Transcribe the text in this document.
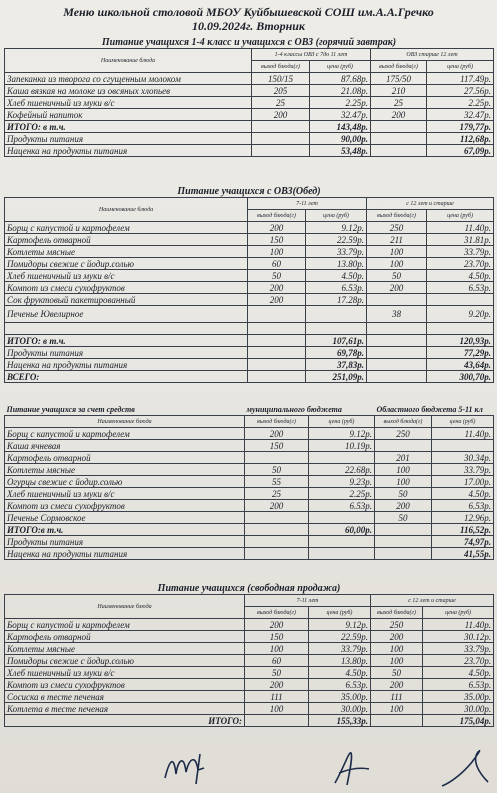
Меню школьной столовой МБОУ Куйбышевской СОШ им.А.А.Гречко
10.09.2024г. Вторник
Питание учащихся 1-4 класс и учащихся с ОВЗ (горячий завтрак)				
Наименование блюда	1-4 классы ОВЗ с 7до 11 лет		ОВЗ старше 12 лет	
	выход блюда(г)	цена (руб)	выход блюда(г)	цена (руб)
Запеканка из творога со сгущенным молоком	150/15	87.68р.	175/50	117.49р.
Каша вязкая на молоке из овсяных хлопьев	205	21.08р.	210	27.56р.
Хлеб пшеничный из муки в/с	25	2.25р.	25	2.25р.
Кофейный напиток	200	32.47р.	200	32.47р.
ИТОГО: в т.ч.		143,48р.		179,77р.
Продукты питания		90,00р.		112,68р.
Наценка на продукты питания		53,48р.		67,09р.
Питание учащихся с ОВЗ(Обед)				
Наименование блюда	7-11 лет		с 12 лет и старше	
	выход блюда(г)	цена (руб)	выход блюда(г)	цена (руб)
Борщ с капустой и картофелем	200	9.12р.	250	11.40р.
Картофель отварной	150	22.59р.	211	31.81р.
Котлеты мясные	100	33.79р.	100	33.79р.
Помидоры свежие с йодир.солью	60	13.80р.	100	23.70р.
Хлеб пшеничный из муки в/с	50	4.50р.	50	4.50р.
Компот из смеси сухофруктов	200	6.53р.	200	6.53р.
Сок фруктовый пакетированный	200	17.28р.		
Печенье Ювелирное			38	9.20р.

ИТОГО: в т.ч.		107,61р.		120,93р.
Продукты питания		69,78р.		77,29р.
Наценка на продукты питания		37,83р.		43,64р.
ВСЕГО:		251,09р.		300,70р.
Питание учащихся за счет средств	муниципального бюджета		Областного бюджета 5-11 кл	
Наименование блюда	выход блюда(г)	цена (руб)	выход блюда(г)	цена (руб)
Борщ с капустой и картофелем	200	9.12р.	250	11.40р.
Каша ячневая	150	10.19р.		
Картофель отварной			201	30.34р.
Котлеты мясные	50	22.68р.	100	33.79р.
Огурцы свежие с йодир.солью	55	9.23р.	100	17.00р.
Хлеб пшеничный из муки в/с	25	2.25р.	50	4.50р.
Компот из смеси сухофруктов	200	6.53р.	200	6.53р.
Печенье Сормовское			50	12.96р.
ИТОГО:в т.ч.		60,00р.		116,52р.
Продукты питания				74,97р.
Наценка на продукты питания				41,55р.
Питание учащихся (свободная продажа)				
Наименование блюда	7-11 лет		с 12 лет и старше	
	выход блюда(г)	цена (руб)	выход блюда(г)	цена (руб)
Борщ с капустой и картофелем	200	9.12р.	250	11.40р.
Картофель отварной	150	22.59р.	200	30.12р.
Котлеты мясные	100	33.79р.	100	33.79р.
Помидоры свежие с йодир.солью	60	13.80р.	100	23.70р.
Хлеб пшеничный из муки в/с	50	4.50р.	50	4.50р.
Компот из смеси сухофруктов	200	6.53р.	200	6.53р.
Сосиска в тесте печеная	111	35.00р.	111	35.00р.
Котлета в тесте печеная	100	30.00р.	100	30.00р.
ИТОГО:		155,33р.		175,04р.
